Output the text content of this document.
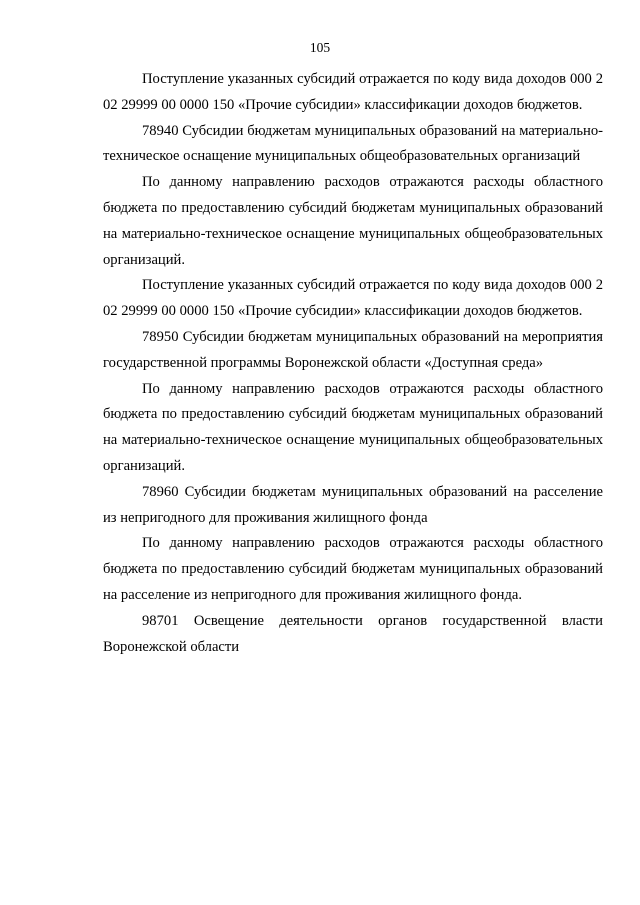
105

Поступление указанных субсидий отражается по коду вида доходов 000 2 02 29999 00 0000 150 «Прочие субсидии» классификации доходов бюджетов.

78940 Субсидии бюджетам муниципальных образований на материально-техническое оснащение муниципальных общеобразовательных организаций

По данному направлению расходов отражаются расходы областного бюджета по предоставлению субсидий бюджетам муниципальных образований на материально-техническое оснащение муниципальных общеобразовательных организаций.

Поступление указанных субсидий отражается по коду вида доходов 000 2 02 29999 00 0000 150 «Прочие субсидии» классификации доходов бюджетов.

78950 Субсидии бюджетам муниципальных образований на мероприятия государственной программы Воронежской области «Доступная среда»

По данному направлению расходов отражаются расходы областного бюджета по предоставлению субсидий бюджетам муниципальных образований на материально-техническое оснащение муниципальных общеобразовательных организаций.

78960 Субсидии бюджетам муниципальных образований на расселение из непригодного для проживания жилищного фонда

По данному направлению расходов отражаются расходы областного бюджета по предоставлению субсидий бюджетам муниципальных образований на расселение из непригодного для проживания жилищного фонда.

98701 Освещение деятельности органов государственной власти Воронежской области
